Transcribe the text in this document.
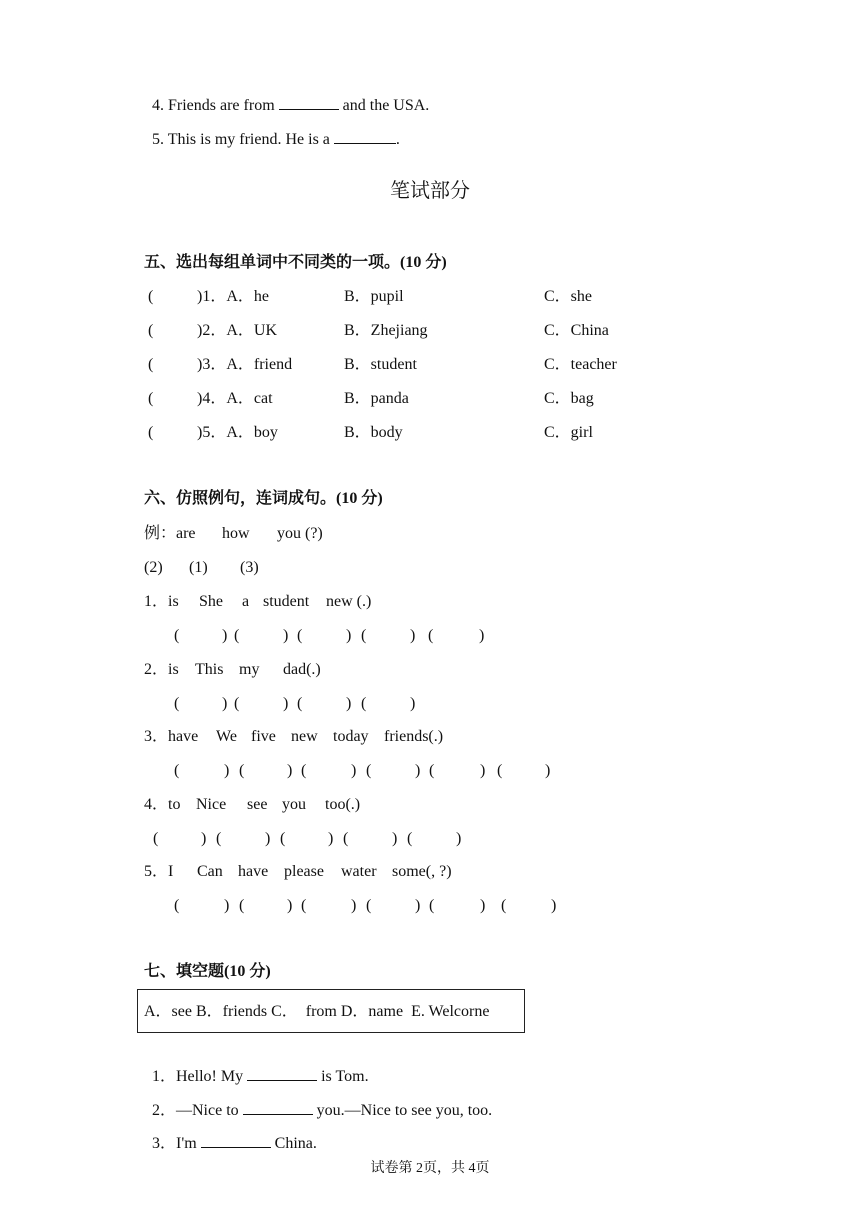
4. Friends are from	and the USA.

5. This is my friend. He is a	.

笔试部分
五、选出每组单词中不同类的一项。(10 分)
(	)1．A．he	B．pupil	C．she
(	)2．A．UK	B．Zhejiang	C．China
(	)3．A．friend	B．student	C．teacher
(	)4．A．cat	B．panda	C．bag
(	)5．A．boy	B．body	C．girl
六、仿照例句，连词成句。(10 分)
例：are how you (?)
(2) (1) (3)
1．is She a student new (.)
(	) (	) (	) (	) (	)
2．is This my dad(.)
(	) (	) (	) (	)
3．have We five new today friends(.)
(	) (	) (	) (	) (	) (	)
4．to Nice see you too(.)
(	) (	) (	) (	) (	)
5．I Can have please water some(, ?)
(	) (	) (	) (	) (	) (	)
七、填空题(10 分)
A．see B．friends C．  from D．name  E. Welcorne

1．Hello! My	is Tom.

2．—Nice to	you.—Nice to see you, too.

3．I'm	China.

试卷第 2页，共 4页
